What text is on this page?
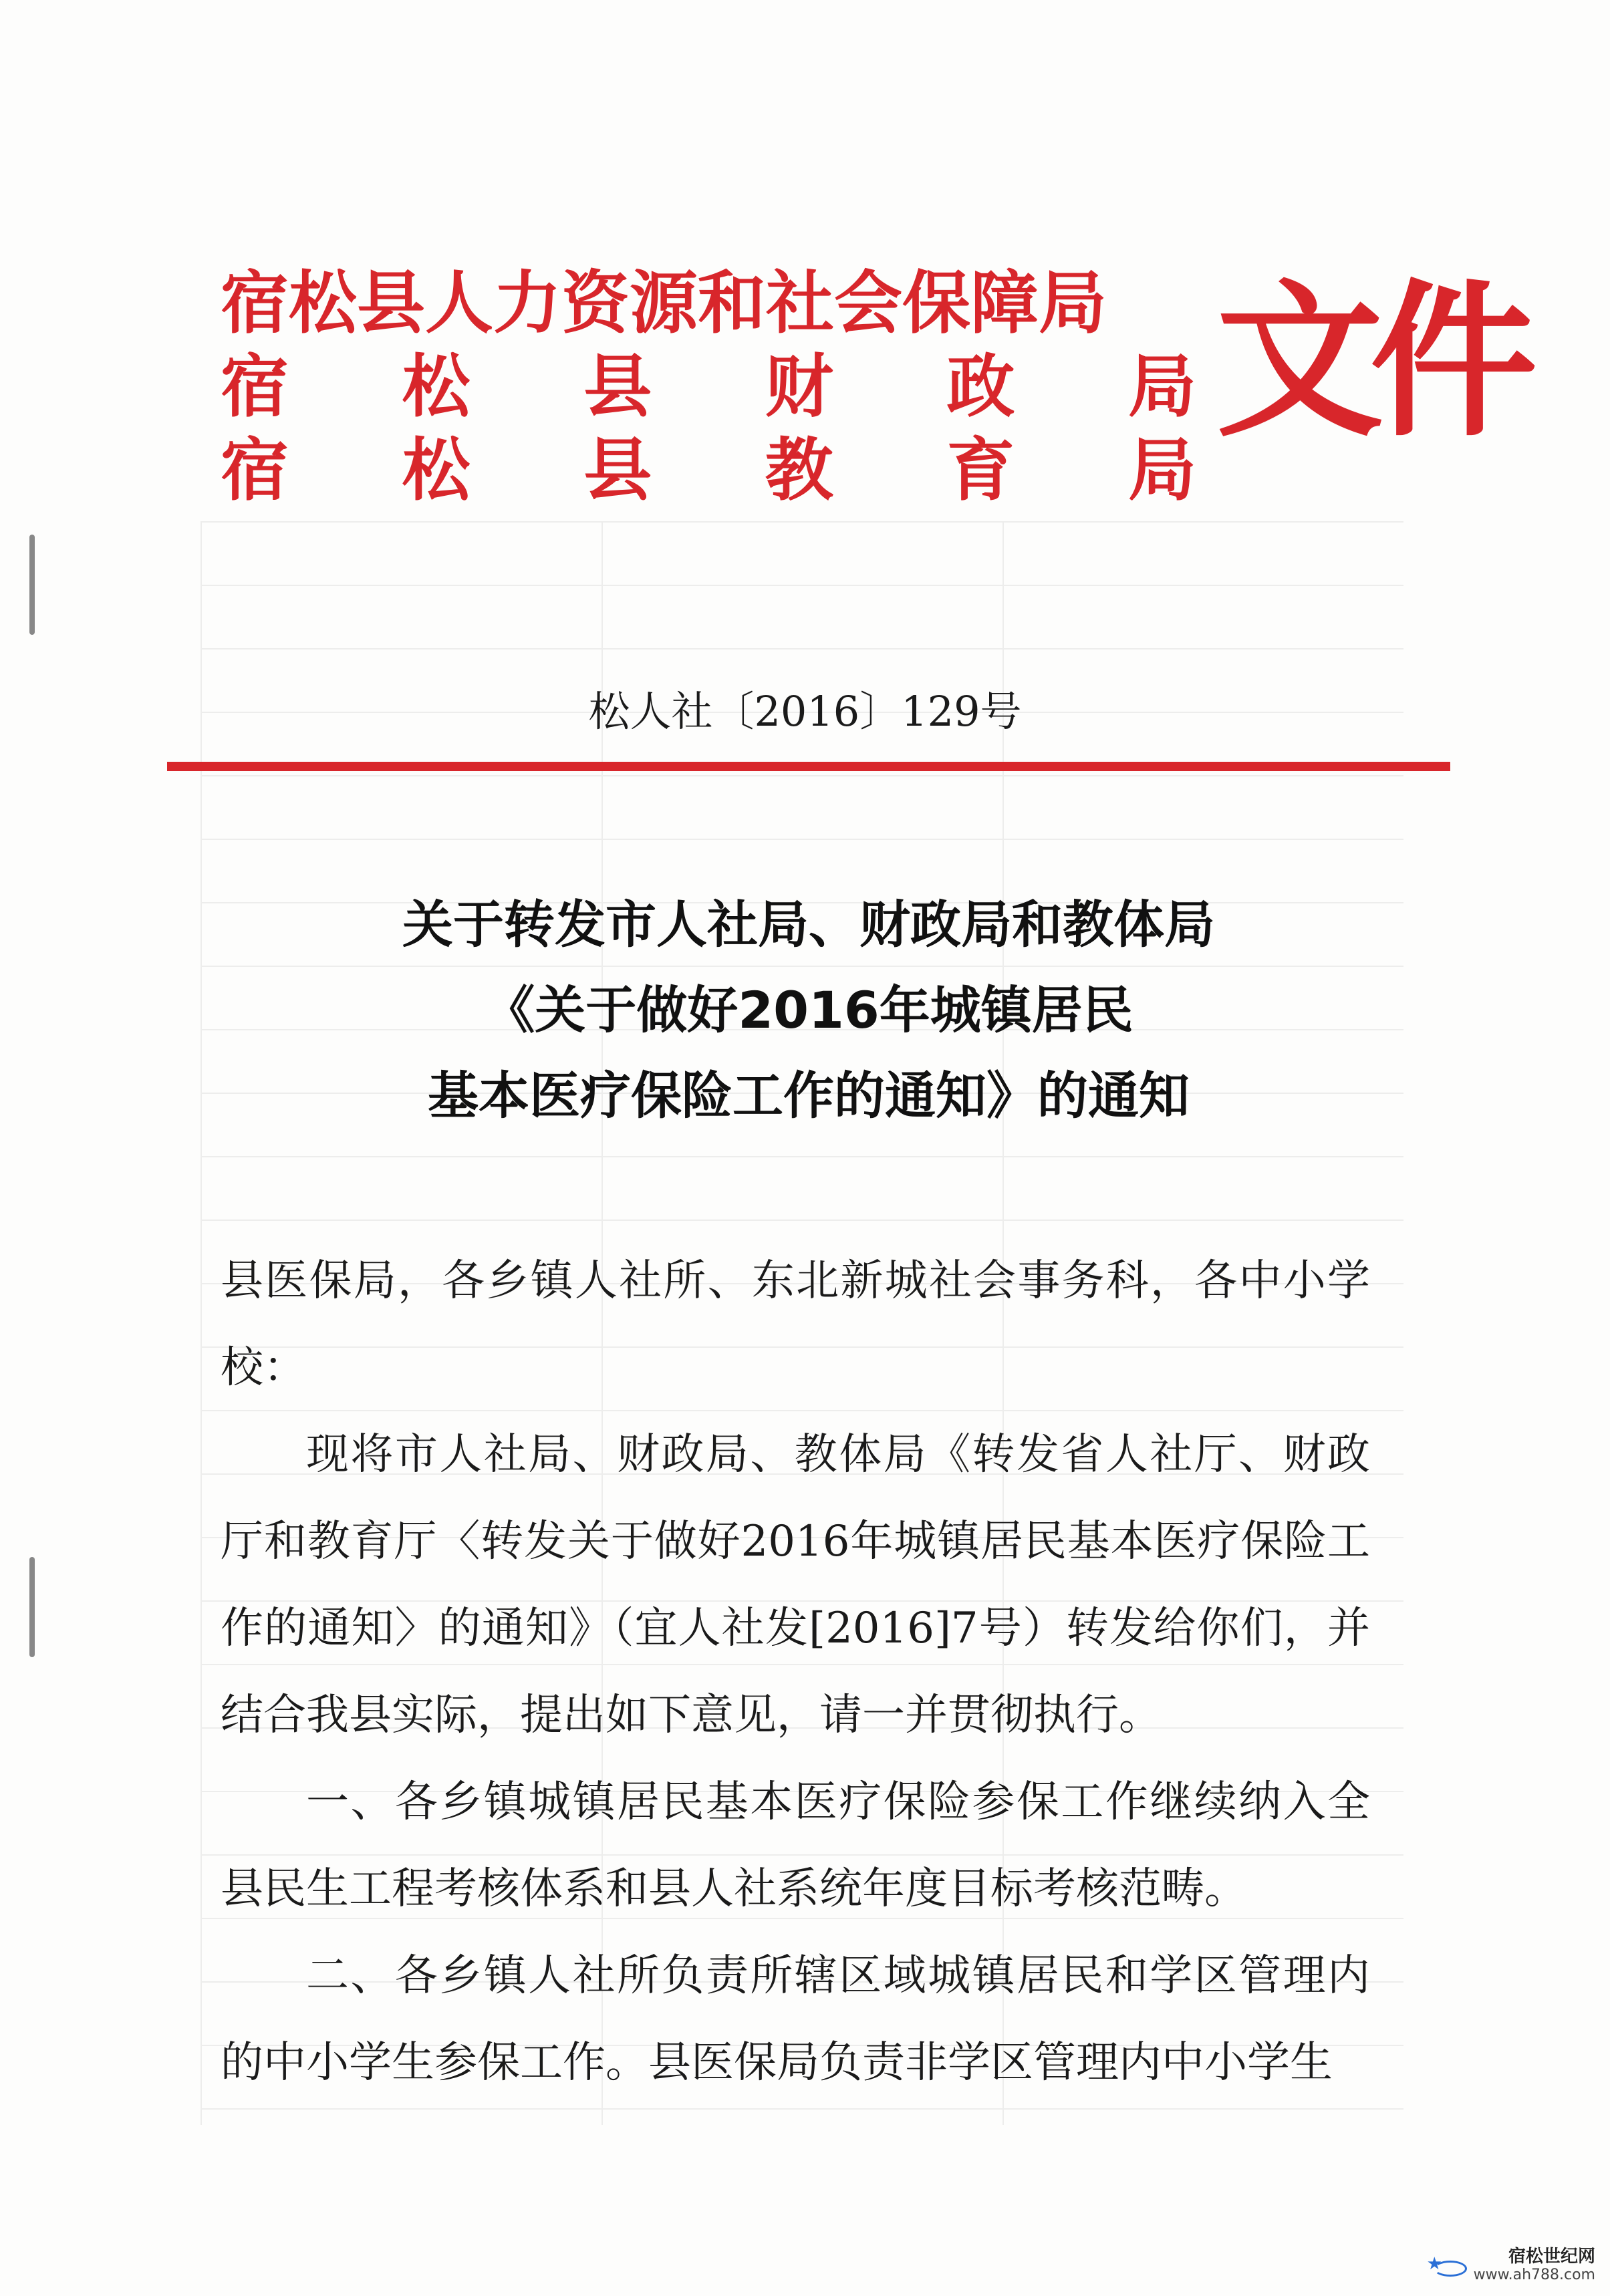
宿松县人力资源和社会保障局
宿 松 县 财 政 局
宿 松 县 教 育 局
文件
松人社〔2016〕129号
关于转发市人社局、财政局和教体局
《关于做好2016年城镇居民
基本医疗保险工作的通知》的通知

县医保局，各乡镇人社所、东北新城社会事务科，各中小学校：

现将市人社局、财政局、教体局《转发省人社厅、财政厅和教育厅〈转发关于做好2016年城镇居民基本医疗保险工作的通知〉的通知》（宜人社发[2016]7号）转发给你们，并结合我县实际，提出如下意见，请一并贯彻执行。

一、各乡镇城镇居民基本医疗保险参保工作继续纳入全县民生工程考核体系和县人社系统年度目标考核范畴。

二、各乡镇人社所负责所辖区域城镇居民和学区管理内的中小学生参保工作。县医保局负责非学区管理内中小学生

★	宿松世纪网
www.ah788.com
